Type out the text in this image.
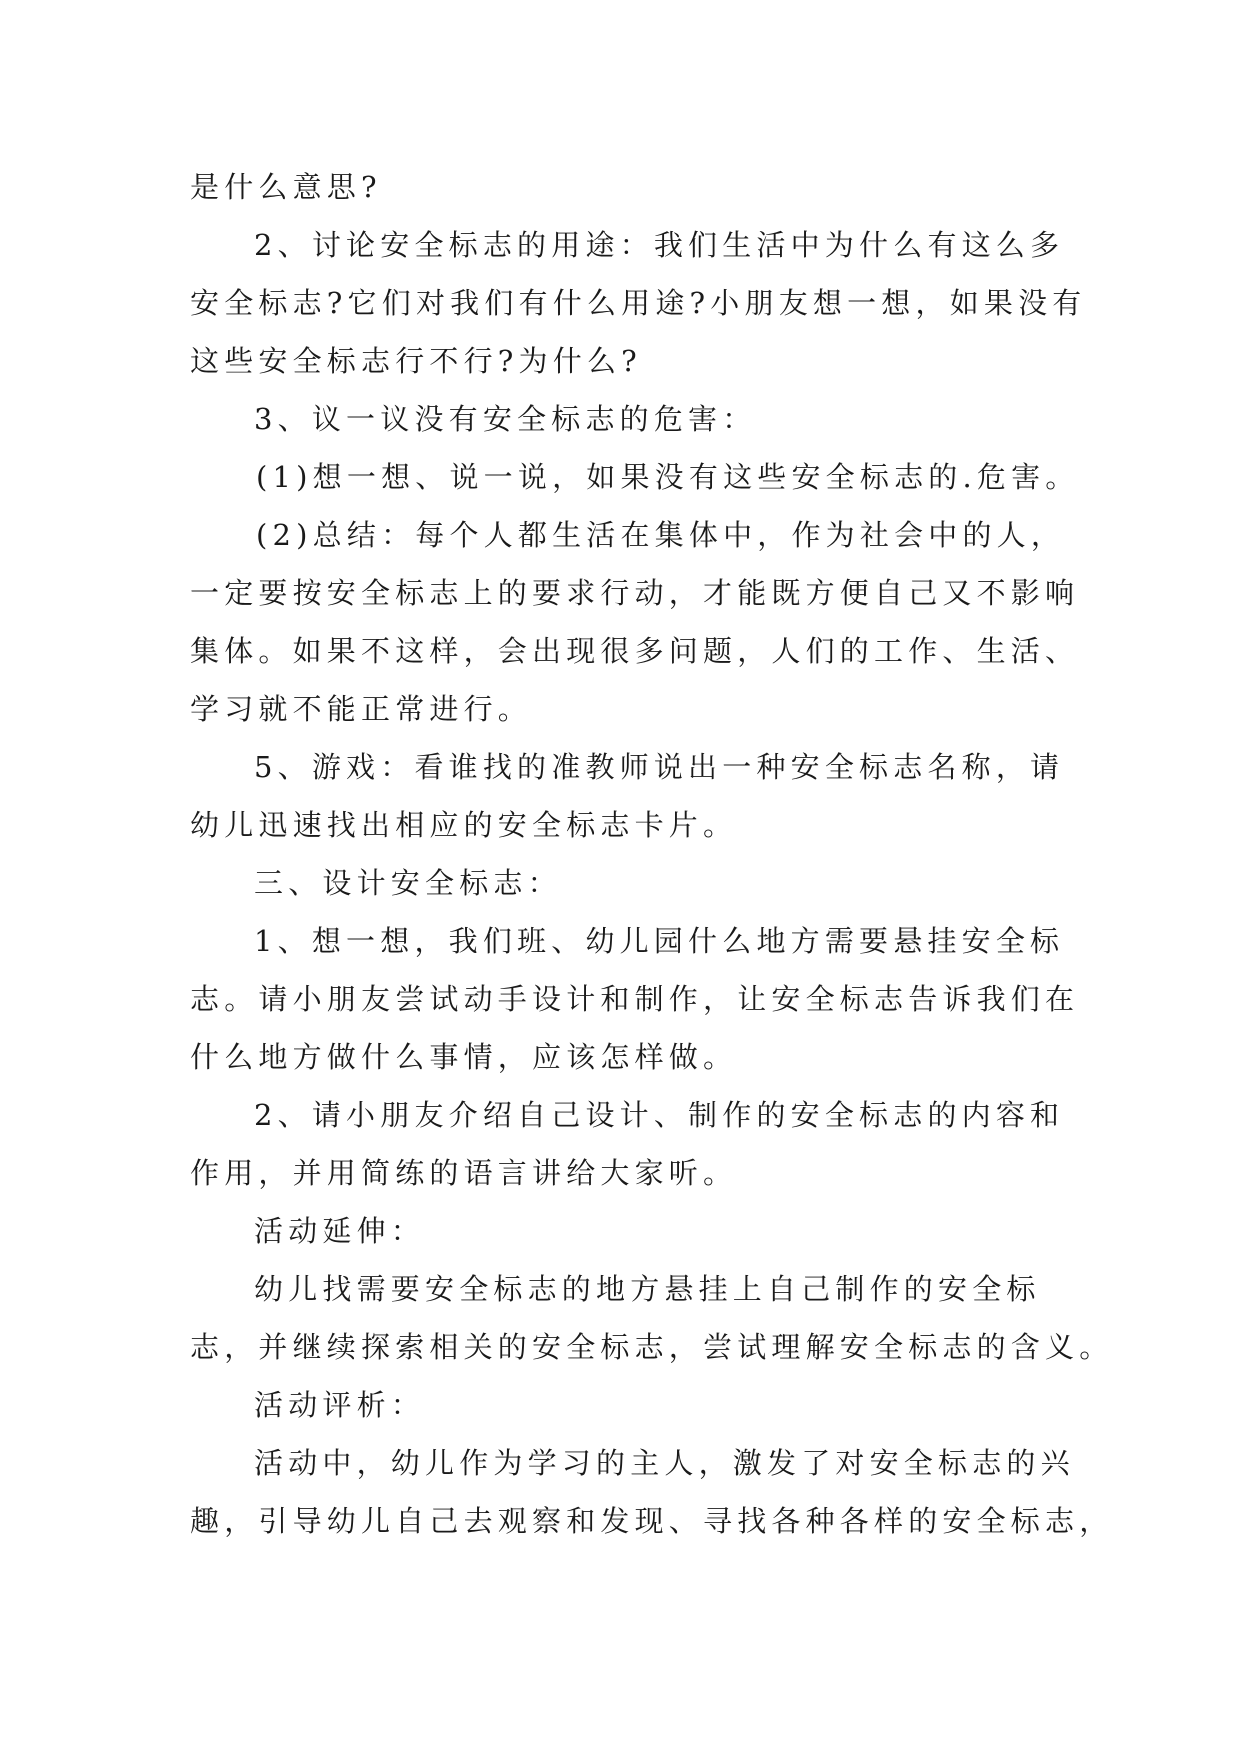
是什么意思?
2、讨论安全标志的用途：我们生活中为什么有这么多
安全标志?它们对我们有什么用途?小朋友想一想，如果没有
这些安全标志行不行?为什么?
3、议一议没有安全标志的危害：
(1)想一想、说一说，如果没有这些安全标志的.危害。
(2)总结：每个人都生活在集体中，作为社会中的人，
一定要按安全标志上的要求行动，才能既方便自己又不影响
集体。如果不这样，会出现很多问题，人们的工作、生活、
学习就不能正常进行。
5、游戏：看谁找的准教师说出一种安全标志名称，请
幼儿迅速找出相应的安全标志卡片。
三、设计安全标志：
1、想一想，我们班、幼儿园什么地方需要悬挂安全标
志。请小朋友尝试动手设计和制作，让安全标志告诉我们在
什么地方做什么事情，应该怎样做。
2、请小朋友介绍自己设计、制作的安全标志的内容和
作用，并用简练的语言讲给大家听。
活动延伸：
幼儿找需要安全标志的地方悬挂上自己制作的安全标
志，并继续探索相关的安全标志，尝试理解安全标志的含义。
活动评析：
活动中，幼儿作为学习的主人，激发了对安全标志的兴
趣，引导幼儿自己去观察和发现、寻找各种各样的安全标志，
